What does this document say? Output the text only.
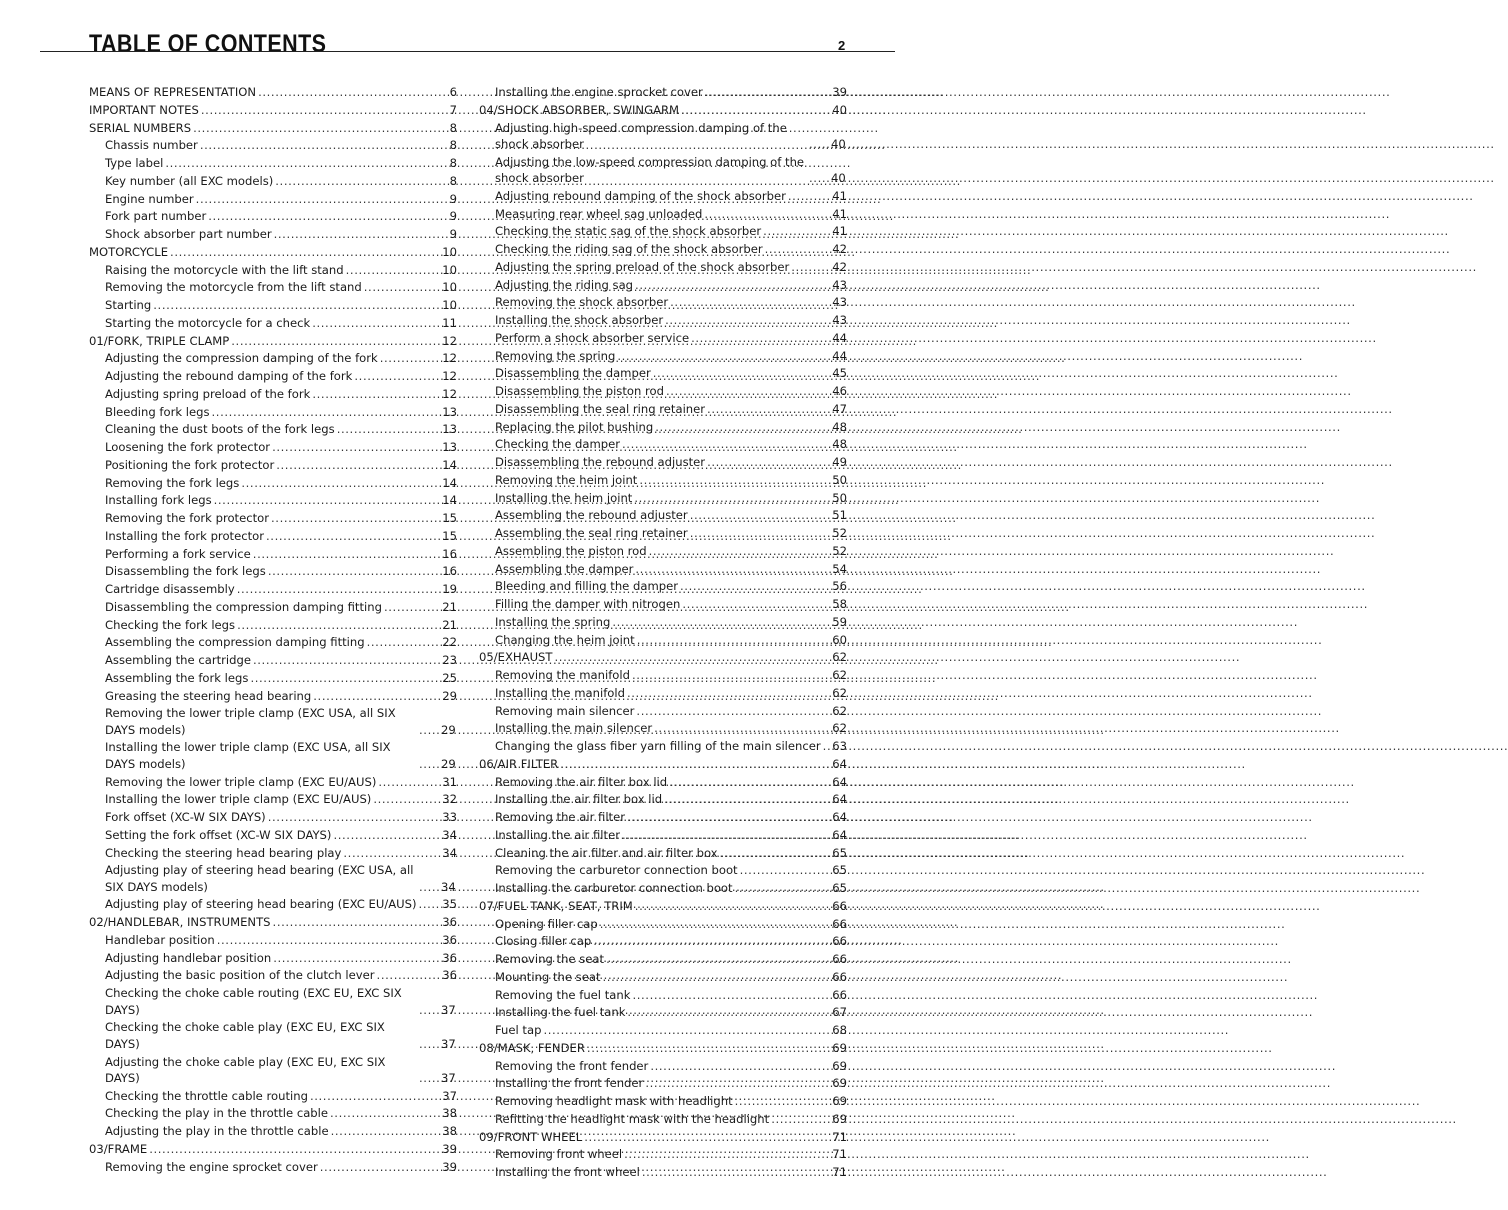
TABLE OF CONTENTS	2
MEANS OF REPRESENTATION .....	6
IMPORTANT NOTES .....	7
SERIAL NUMBERS .....	8
Chassis number .....	8
Type label .....	8
Key number (all EXC models) .....	8
Engine number .....	9
Fork part number .....	9
Shock absorber part number .....	9
MOTORCYCLE .....	10
Raising the motorcycle with the lift stand .....	10
Removing the motorcycle from the lift stand .....	10
Starting .....	10
Starting the motorcycle for a check .....	11
01/FORK, TRIPLE CLAMP .....	12
Adjusting the compression damping of the fork .....	12
Adjusting the rebound damping of the fork .....	12
Adjusting spring preload of the fork .....	12
Bleeding fork legs .....	13
Cleaning the dust boots of the fork legs .....	13
Loosening the fork protector .....	13
Positioning the fork protector .....	14
Removing the fork legs .....	14
Installing fork legs .....	14
Removing the fork protector .....	15
Installing the fork protector .....	15
Performing a fork service .....	16
Disassembling the fork legs .....	16
Cartridge disassembly .....	19
Disassembling the compression damping fitting .....	21
Checking the fork legs .....	21
Assembling the compression damping fitting .....	22
Assembling the cartridge .....	23
Assembling the fork legs .....	25
Greasing the steering head bearing .....	29
Removing the lower triple clamp (EXC USA, all SIX DAYS models) .....	29
Installing the lower triple clamp (EXC USA, all SIX DAYS models) .....	29
Removing the lower triple clamp (EXC EU/AUS) .....	31
Installing the lower triple clamp (EXC EU/AUS) .....	32
Fork offset (XC-W SIX DAYS) .....	33
Setting the fork offset (XC-W SIX DAYS) .....	34
Checking the steering head bearing play .....	34
Adjusting play of steering head bearing (EXC USA, all SIX DAYS models) .....	34
Adjusting play of steering head bearing (EXC EU/AUS) ..... 35
02/HANDLEBAR, INSTRUMENTS .....	36
Handlebar position .....	36
Adjusting handlebar position .....	36
Adjusting the basic position of the clutch lever .....	36
Checking the choke cable routing (EXC EU, EXC SIX DAYS) .....	37
Checking the choke cable play (EXC EU, EXC SIX DAYS) .....	37
Adjusting the choke cable play (EXC EU, EXC SIX DAYS) .....	37
Checking the throttle cable routing .....	37
Checking the play in the throttle cable .....	38
Adjusting the play in the throttle cable .....	38
03/FRAME .....	39
Removing the engine sprocket cover .....	39
Installing the engine sprocket cover .....	39
04/SHOCK ABSORBER, SWINGARM .....	40
Adjusting high-speed compression damping of the shock absorber .....	40
Adjusting the low-speed compression damping of the shock absorber .....	40
Adjusting rebound damping of the shock absorber .....	41
Measuring rear wheel sag unloaded .....	41
Checking the static sag of the shock absorber .....	41
Checking the riding sag of the shock absorber .....	42
Adjusting the spring preload of the shock absorber .....	42
Adjusting the riding sag .....	43
Removing the shock absorber .....	43
Installing the shock absorber .....	43
Perform a shock absorber service .....	44
Removing the spring .....	44
Disassembling the damper .....	45
Disassembling the piston rod .....	46
Disassembling the seal ring retainer .....	47
Replacing the pilot bushing .....	48
Checking the damper .....	48
Disassembling the rebound adjuster .....	49
Removing the heim joint .....	50
Installing the heim joint .....	50
Assembling the rebound adjuster .....	51
Assembling the seal ring retainer .....	52
Assembling the piston rod .....	52
Assembling the damper .....	54
Bleeding and filling the damper .....	56
Filling the damper with nitrogen .....	58
Installing the spring .....	59
Changing the heim joint .....	60
05/EXHAUST .....	62
Removing the manifold .....	62
Installing the manifold .....	62
Removing main silencer .....	62
Installing the main silencer .....	62
Changing the glass fiber yarn filling of the main silencer ..... 63
06/AIR FILTER .....	64
Removing the air filter box lid .....	64
Installing the air filter box lid .....	64
Removing the air filter .....	64
Installing the air filter .....	64
Cleaning the air filter and air filter box .....	65
Removing the carburetor connection boot .....	65
Installing the carburetor connection boot .....	65
07/FUEL TANK, SEAT, TRIM .....	66
Opening filler cap .....	66
Closing filler cap .....	66
Removing the seat .....	66
Mounting the seat .....	66
Removing the fuel tank .....	66
Installing the fuel tank .....	67
Fuel tap .....	68
08/MASK, FENDER .....	69
Removing the front fender .....	69
Installing the front fender .....	69
Removing headlight mask with headlight .....	69
Refitting the headlight mask with the headlight .....	69
09/FRONT WHEEL .....	71
Removing front wheel .....	71
Installing the front wheel .....	71
